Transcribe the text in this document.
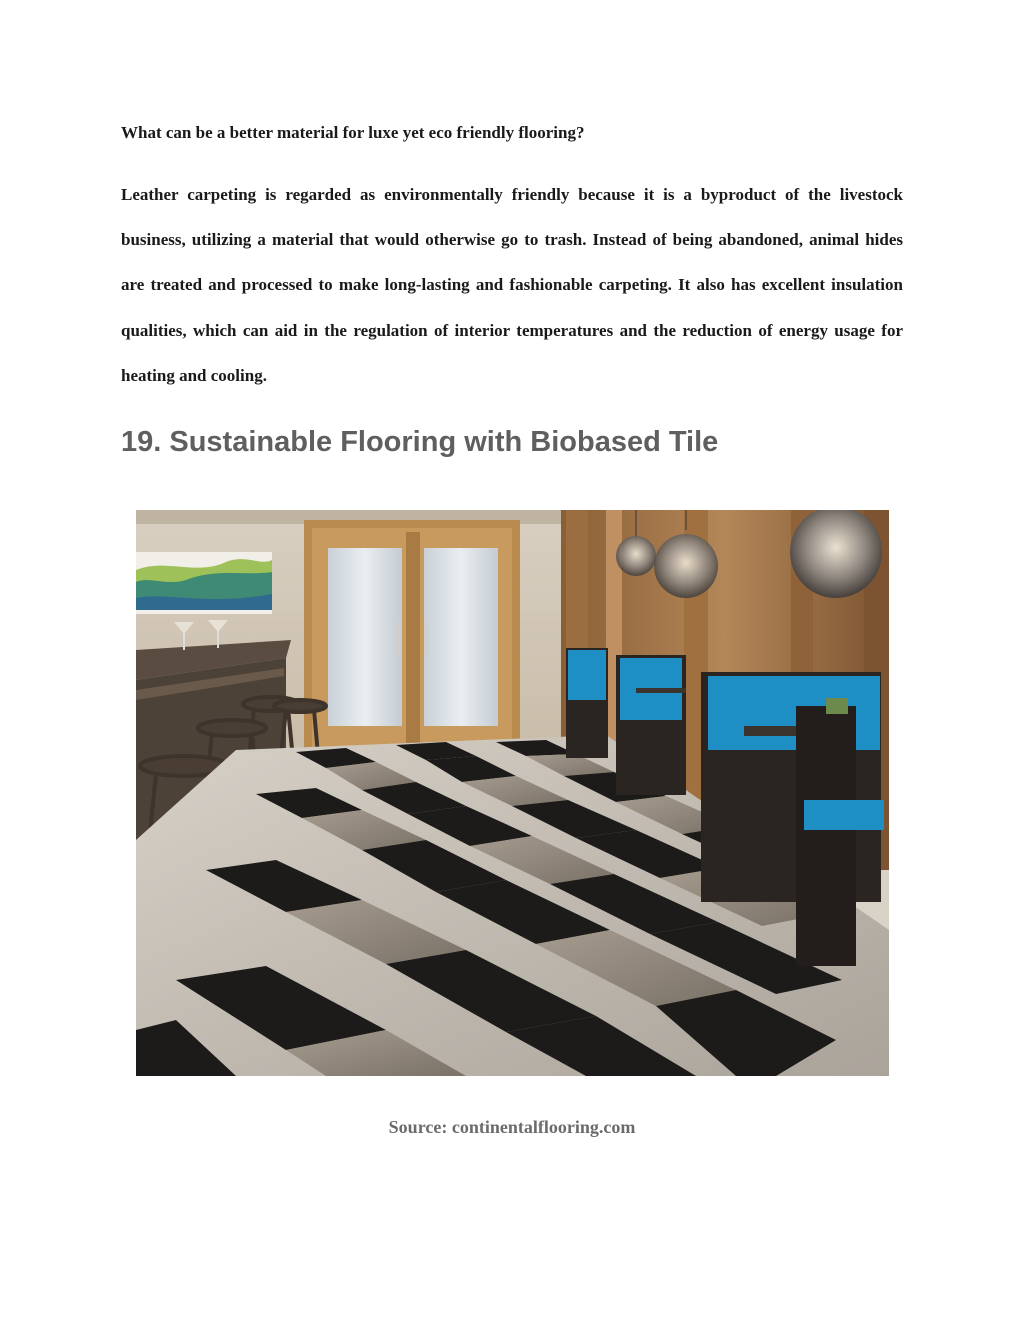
What can be a better material for luxe yet eco friendly flooring?

Leather carpeting is regarded as environmentally friendly because it is a byproduct of the livestock business, utilizing a material that would otherwise go to trash. Instead of being abandoned, animal hides are treated and processed to make long-lasting and fashionable carpeting. It also has excellent insulation qualities, which can aid in the regulation of interior temperatures and the reduction of energy usage for heating and cooling.

19. Sustainable Flooring with Biobased Tile

Source: continentalflooring.com
